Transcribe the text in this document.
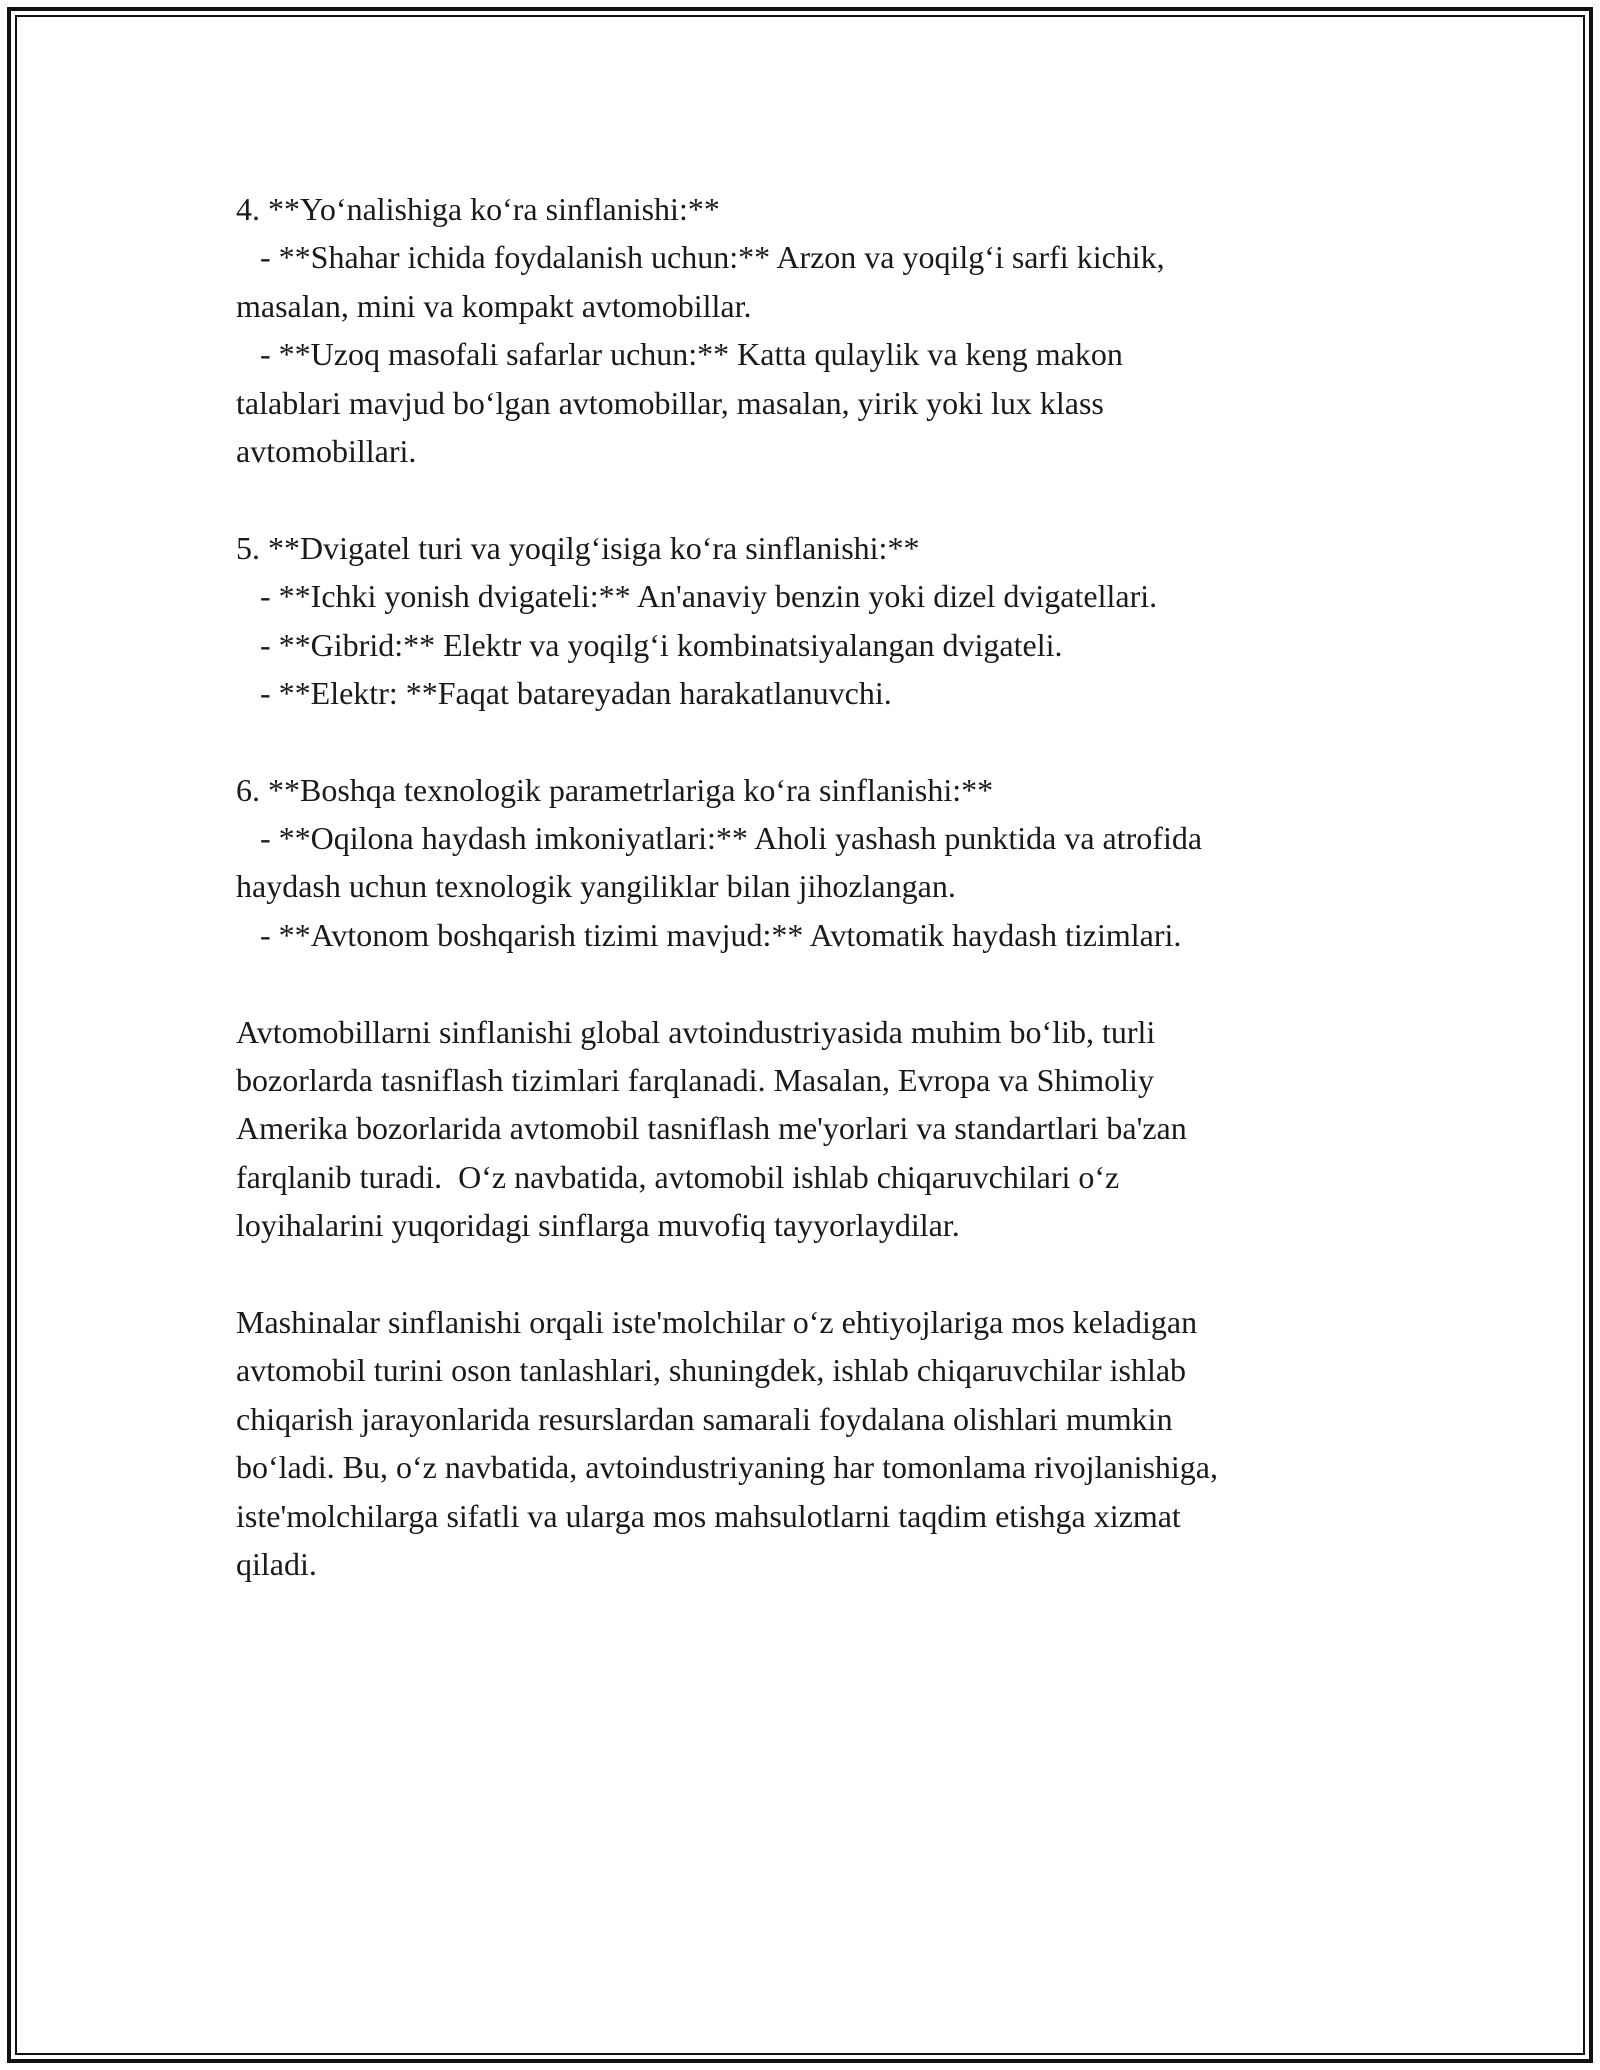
4. **Yo‘nalishiga ko‘ra sinflanishi:**
- **Shahar ichida foydalanish uchun:** Arzon va yoqilg‘i sarfi kichik,
masalan, mini va kompakt avtomobillar.
- **Uzoq masofali safarlar uchun:** Katta qulaylik va keng makon
talablari mavjud bo‘lgan avtomobillar, masalan, yirik yoki lux klass
avtomobillari.
5. **Dvigatel turi va yoqilg‘isiga ko‘ra sinflanishi:**
- **Ichki yonish dvigateli:** An'anaviy benzin yoki dizel dvigatellari.
- **Gibrid:** Elektr va yoqilg‘i kombinatsiyalangan dvigateli.
- **Elektr: **Faqat batareyadan harakatlanuvchi.
6. **Boshqa texnologik parametrlariga ko‘ra sinflanishi:**
- **Oqilona haydash imkoniyatlari:** Aholi yashash punktida va atrofida
haydash uchun texnologik yangiliklar bilan jihozlangan.
- **Avtonom boshqarish tizimi mavjud:** Avtomatik haydash tizimlari.
Avtomobillarni sinflanishi global avtoindustriyasida muhim bo‘lib, turli
bozorlarda tasniflash tizimlari farqlanadi. Masalan, Evropa va Shimoliy
Amerika bozorlarida avtomobil tasniflash me'yorlari va standartlari ba'zan
farqlanib turadi.  O‘z navbatida, avtomobil ishlab chiqaruvchilari o‘z
loyihalarini yuqoridagi sinflarga muvofiq tayyorlaydilar.
Mashinalar sinflanishi orqali iste'molchilar o‘z ehtiyojlariga mos keladigan
avtomobil turini oson tanlashlari, shuningdek, ishlab chiqaruvchilar ishlab
chiqarish jarayonlarida resurslardan samarali foydalana olishlari mumkin
bo‘ladi. Bu, o‘z navbatida, avtoindustriyaning har tomonlama rivojlanishiga,
iste'molchilarga sifatli va ularga mos mahsulotlarni taqdim etishga xizmat
qiladi.
